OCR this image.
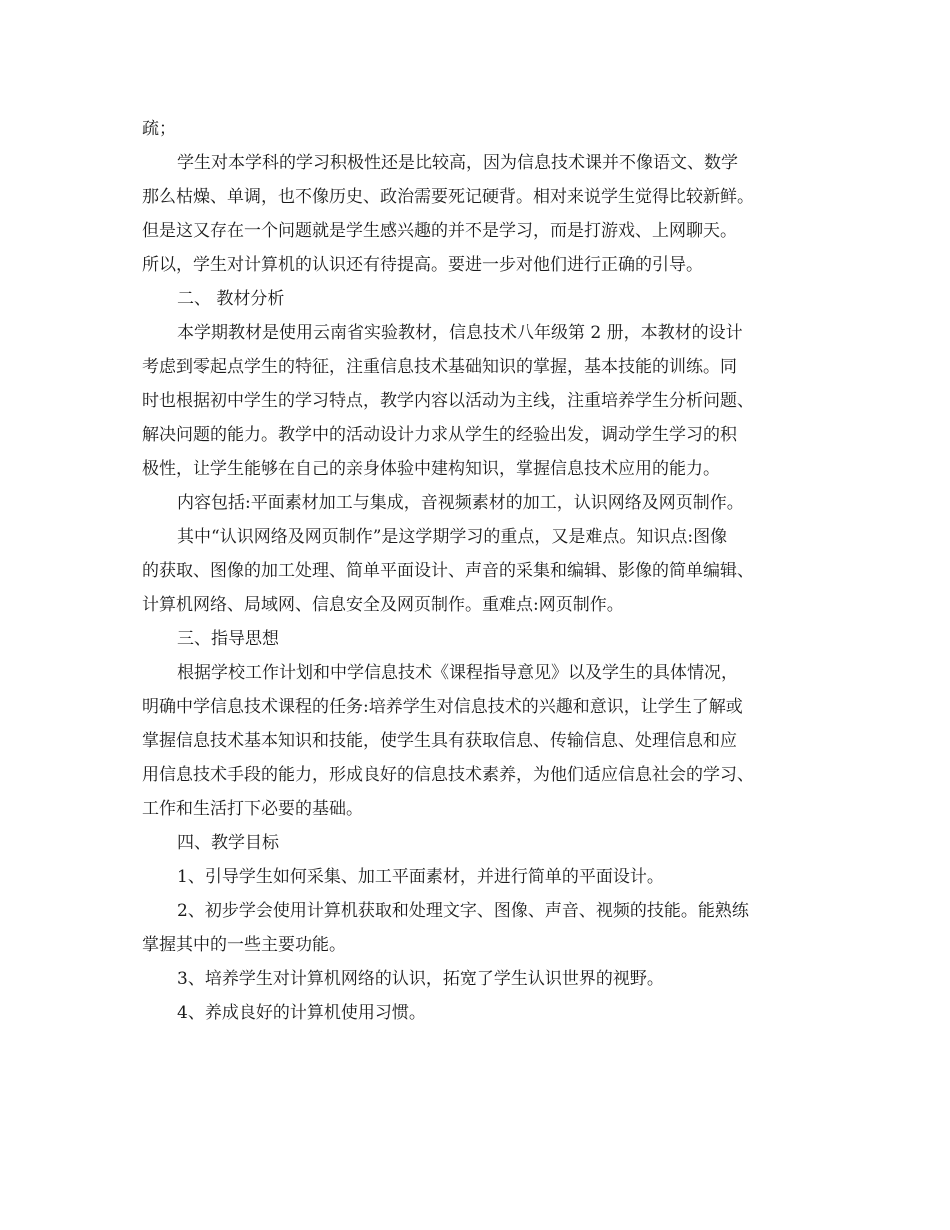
疏；
学生对本学科的学习积极性还是比较高，因为信息技术课并不像语文、数学
那么枯燥、单调，也不像历史、政治需要死记硬背。相对来说学生觉得比较新鲜。
但是这又存在一个问题就是学生感兴趣的并不是学习，而是打游戏、上网聊天。
所以，学生对计算机的认识还有待提高。要进一步对他们进行正确的引导。
二、 教材分析
本学期教材是使用云南省实验教材，信息技术八年级第 2 册，本教材的设计
考虑到零起点学生的特征，注重信息技术基础知识的掌握，基本技能的训练。同
时也根据初中学生的学习特点，教学内容以活动为主线，注重培养学生分析问题、
解决问题的能力。教学中的活动设计力求从学生的经验出发，调动学生学习的积
极性，让学生能够在自己的亲身体验中建构知识，掌握信息技术应用的能力。
内容包括:平面素材加工与集成，音视频素材的加工，认识网络及网页制作。
其中“认识网络及网页制作”是这学期学习的重点，又是难点。知识点:图像
的获取、图像的加工处理、简单平面设计、声音的采集和编辑、影像的简单编辑、
计算机网络、局域网、信息安全及网页制作。重难点:网页制作。
三、指导思想
根据学校工作计划和中学信息技术《课程指导意见》以及学生的具体情况，
明确中学信息技术课程的任务:培养学生对信息技术的兴趣和意识，让学生了解或
掌握信息技术基本知识和技能，使学生具有获取信息、传输信息、处理信息和应
用信息技术手段的能力，形成良好的信息技术素养，为他们适应信息社会的学习、
工作和生活打下必要的基础。
四、教学目标
1、引导学生如何采集、加工平面素材，并进行简单的平面设计。
2、初步学会使用计算机获取和处理文字、图像、声音、视频的技能。能熟练
掌握其中的一些主要功能。
3、培养学生对计算机网络的认识，拓宽了学生认识世界的视野。
4、养成良好的计算机使用习惯。
